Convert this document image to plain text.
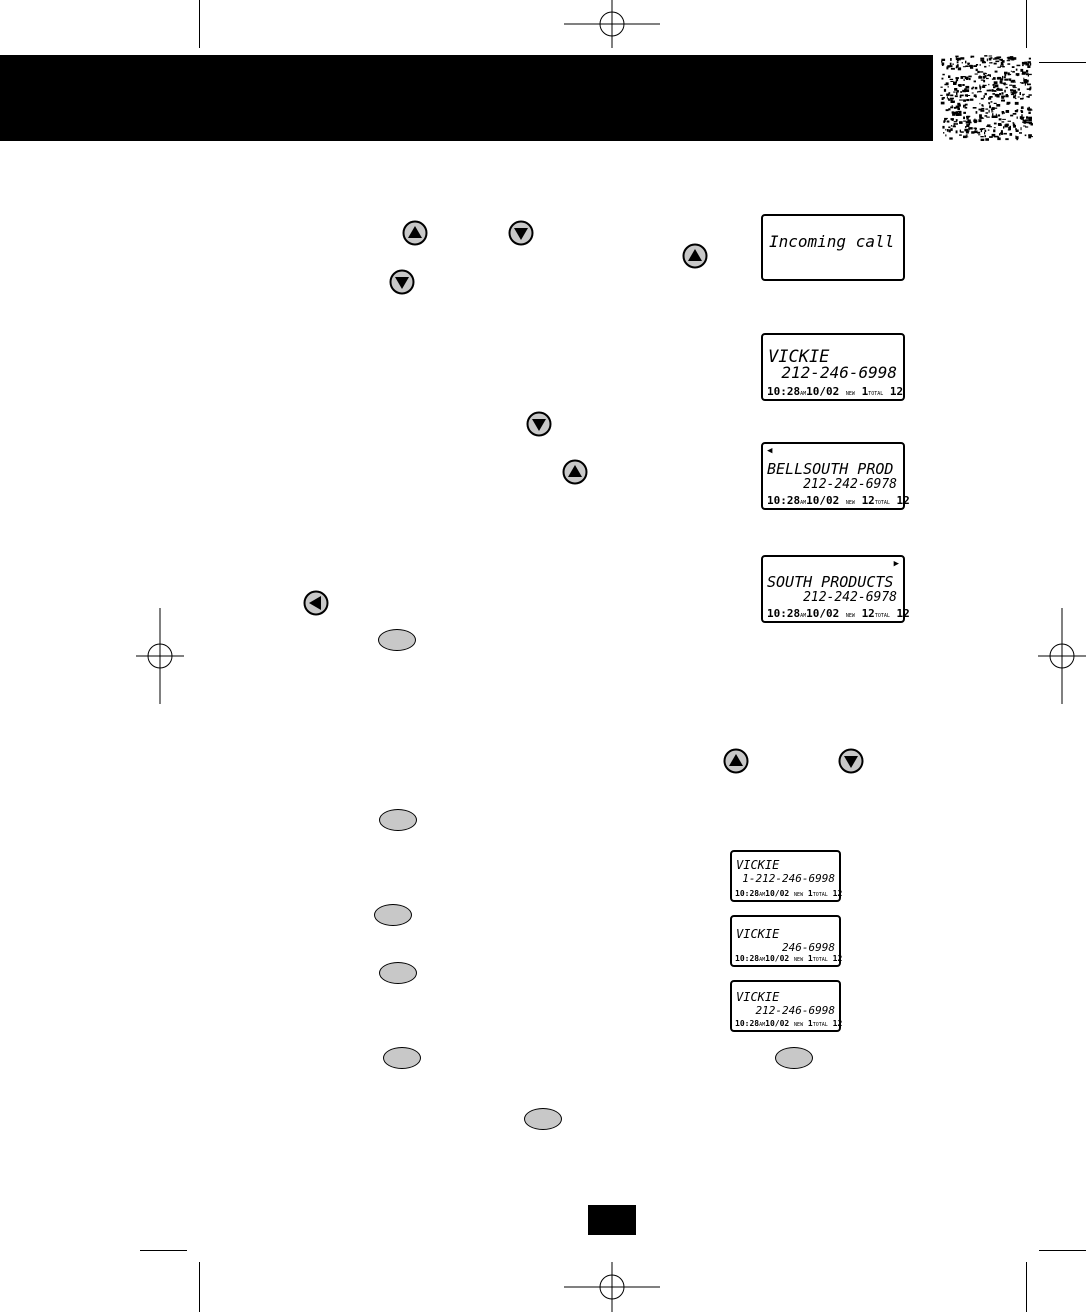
Incoming call
VICKIE
212-246-6998
10:28AM10/02 NEW 1TOTAL 12
◀
BELLSOUTH PROD
212-242-6978
10:28AM10/02 NEW 12TOTAL 12
▶
SOUTH PRODUCTS
212-242-6978
10:28AM10/02 NEW 12TOTAL 12
VICKIE
1-212-246-6998
10:28AM10/02 NEW 1TOTAL 12
VICKIE
246-6998
10:28AM10/02 NEW 1TOTAL 12
VICKIE
212-246-6998
10:28AM10/02 NEW 1TOTAL 12
